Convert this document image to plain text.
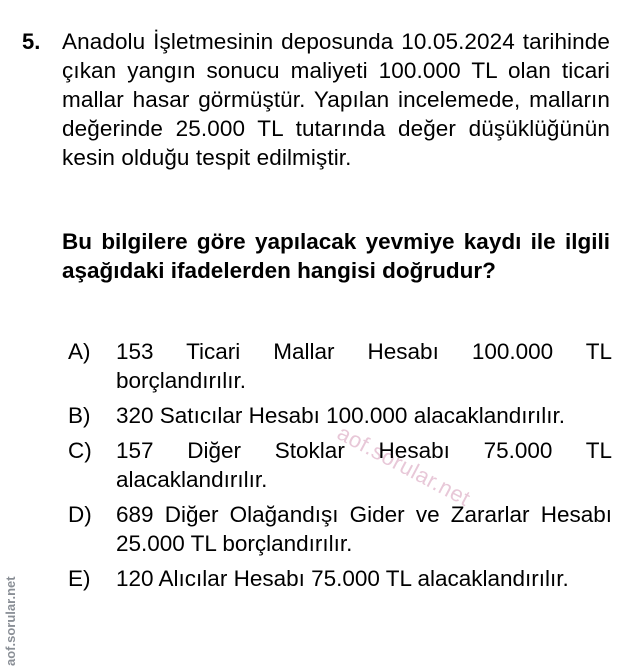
aof.sorular.net
aof.sorular.net
5. Anadolu İşletmesinin deposunda 10.05.2024 tarihinde çıkan yangın sonucu maliyeti 100.000 TL olan ticari mallar hasar görmüştür. Yapılan incelemede, malların değerinde 25.000 TL tutarında değer düşüklüğünün kesin olduğu tespit edilmiştir.
Bu bilgilere göre yapılacak yevmiye kaydı ile ilgili aşağıdaki ifadelerden hangisi doğrudur?
A) 153 Ticari Mallar Hesabı 100.000 TL borçlandırılır.
B) 320 Satıcılar Hesabı 100.000 alacaklandırılır.
C) 157 Diğer Stoklar Hesabı 75.000 TL alacaklandırılır.
D) 689 Diğer Olağandışı Gider ve Zararlar Hesabı 25.000 TL borçlandırılır.
E) 120 Alıcılar Hesabı 75.000 TL alacaklandırılır.
